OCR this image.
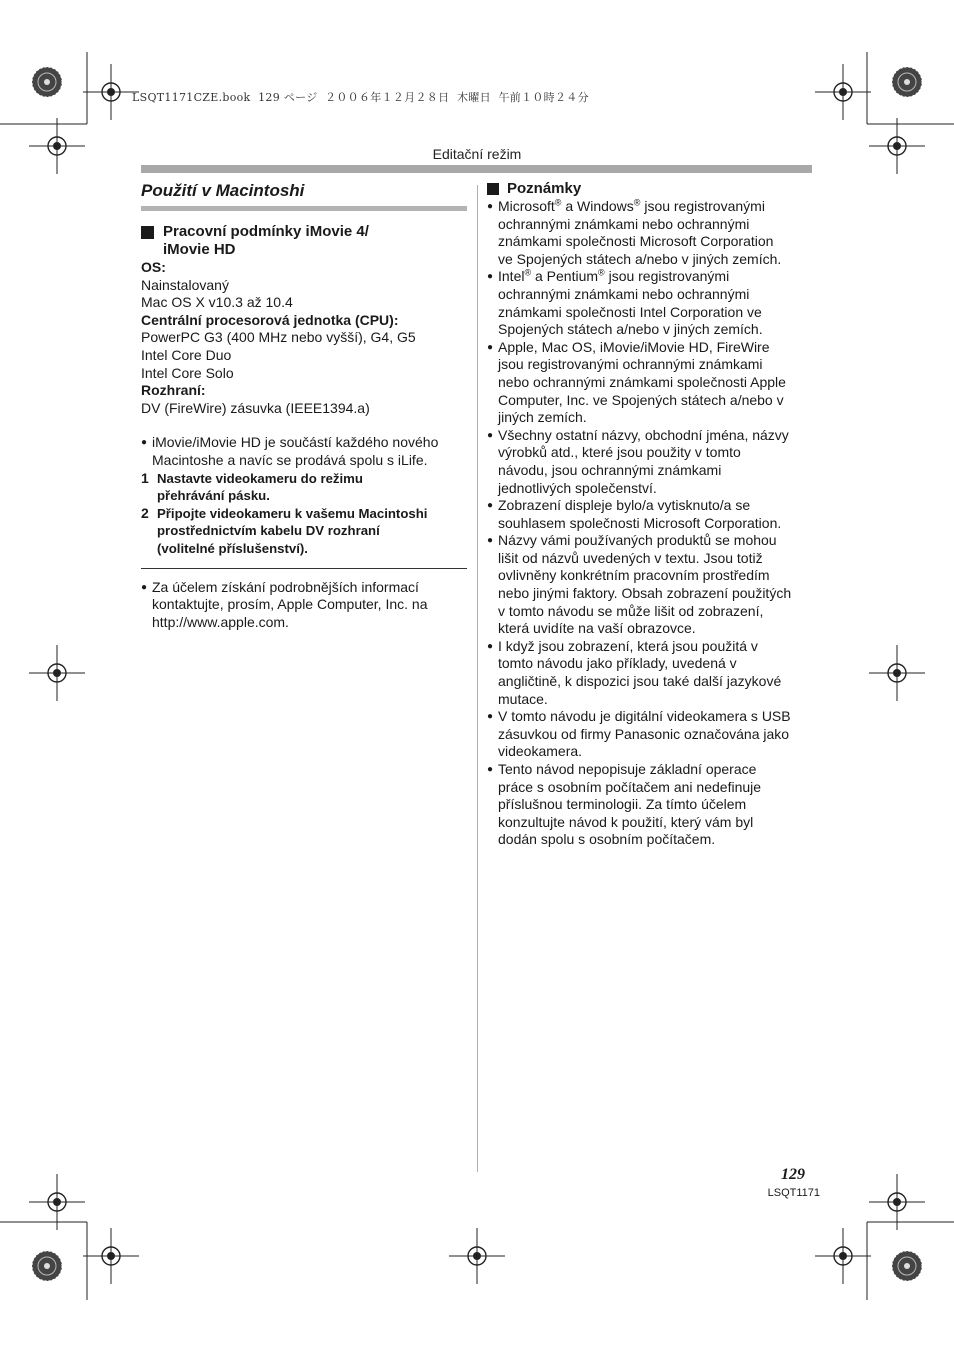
LSQT1171CZE.book  129 ページ  ２００６年１２月２８日  木曜日  午前１０時２４分
Editační režim
Použití v Macintoshi
Pracovní podmínky iMovie 4/
iMovie HD
OS:
Nainstalovaný
Mac OS X v10.3 až 10.4
Centrální procesorová jednotka (CPU):
PowerPC G3 (400 MHz nebo vyšší), G4, G5
Intel Core Duo
Intel Core Solo
Rozhraní:
DV (FireWire) zásuvka (IEEE1394.a)
● iMovie/iMovie HD je součástí každého nového
Macintoshe a navíc se prodává spolu s iLife.
1 Nastavte videokameru do režimu
přehrávání pásku.
2 Připojte videokameru k vašemu Macintoshi
prostřednictvím kabelu DV rozhraní
(volitelné příslušenství).
● Za účelem získání podrobnějších informací
kontaktujte, prosím, Apple Computer, Inc. na
http://www.apple.com.
Poznámky
● Microsoft® a Windows® jsou registrovanými
ochrannými známkami nebo ochrannými
známkami společnosti Microsoft Corporation
ve Spojených státech a/nebo v jiných zemích.
● Intel® a Pentium® jsou registrovanými
ochrannými známkami nebo ochrannými
známkami společnosti Intel Corporation ve
Spojených státech a/nebo v jiných zemích.
● Apple, Mac OS, iMovie/iMovie HD, FireWire
jsou registrovanými ochrannými známkami
nebo ochrannými známkami společnosti Apple
Computer, Inc. ve Spojených státech a/nebo v
jiných zemích.
● Všechny ostatní názvy, obchodní jména, názvy
výrobků atd., které jsou použity v tomto
návodu, jsou ochrannými známkami
jednotlivých společenství.
● Zobrazení displeje bylo/a vytisknuto/a se
souhlasem společnosti Microsoft Corporation.
● Názvy vámi používaných produktů se mohou
lišit od názvů uvedených v textu. Jsou totiž
ovlivněny konkrétním pracovním prostředím
nebo jinými faktory. Obsah zobrazení použitých
v tomto návodu se může lišit od zobrazení,
která uvidíte na vaší obrazovce.
● I když jsou zobrazení, která jsou použitá v
tomto návodu jako příklady, uvedená v
angličtině, k dispozici jsou také další jazykové
mutace.
● V tomto návodu je digitální videokamera s USB
zásuvkou od firmy Panasonic označována jako
videokamera.
● Tento návod nepopisuje základní operace
práce s osobním počítačem ani nedefinuje
příslušnou terminologii. Za tímto účelem
konzultujte návod k použití, který vám byl
dodán spolu s osobním počítačem.
129
LSQT1171
